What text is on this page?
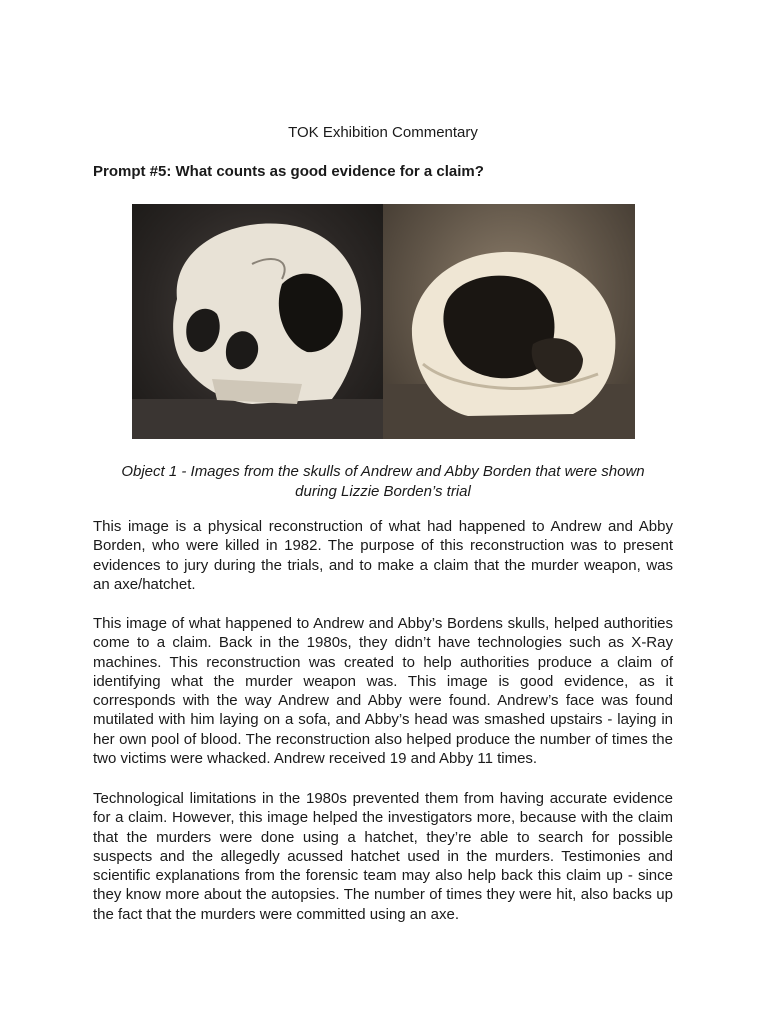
TOK Exhibition Commentary
Prompt #5: What counts as good evidence for a claim?
Object 1 - Images from the skulls of Andrew and Abby Borden that were shown
during Lizzie Borden’s trial

This image is a physical reconstruction of what had happened to Andrew and Abby Borden, who were killed in 1982. The purpose of this reconstruction was to present evidences to jury during the trials, and to make a claim that the murder weapon, was an axe/hatchet.

This image of what happened to Andrew and Abby’s Bordens skulls, helped authorities come to a claim. Back in the 1980s, they didn’t have technologies such as X-Ray machines. This reconstruction was created to help authorities produce a claim of identifying what the murder weapon was. This image is good evidence, as it corresponds with the way Andrew and Abby were found. Andrew’s face was found mutilated with him laying on a sofa, and Abby’s head was smashed upstairs - laying in her own pool of blood. The reconstruction also helped produce the number of times the two victims were whacked. Andrew received 19 and Abby 11 times.

Technological limitations in the 1980s prevented them from having accurate evidence for a claim. However, this image helped the investigators more, because with the claim that the murders were done using a hatchet, they’re able to search for possible suspects and the allegedly acussed hatchet used in the murders. Testimonies and scientific explanations from the forensic team may also help back this claim up - since they know more about the autopsies. The number of times they were hit, also backs up the fact that the murders were committed using an axe.
